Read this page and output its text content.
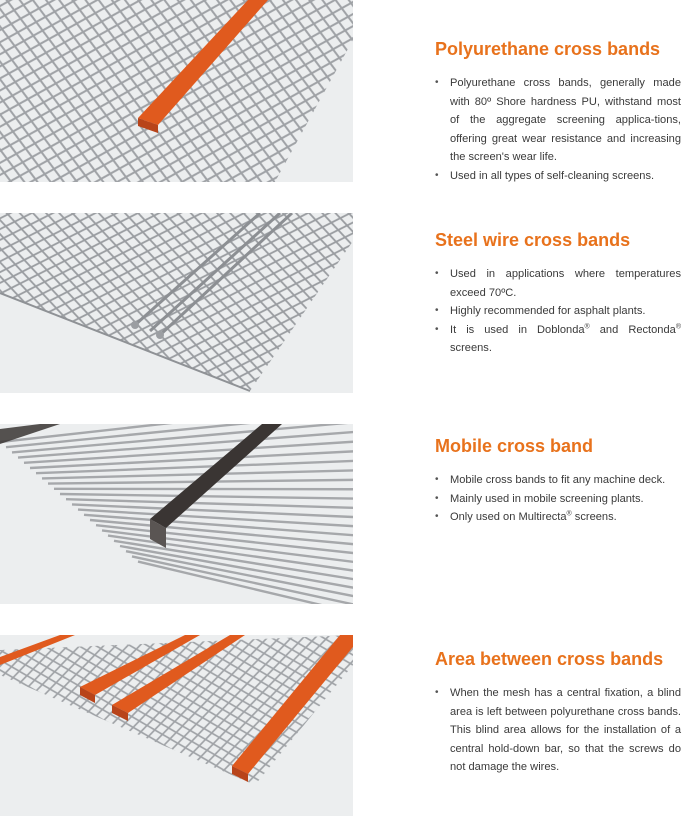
Polyurethane cross bands
• Polyurethane cross bands, generally made with 80º Shore hardness PU, withstand most of the aggregate screening applica-tions, offering great wear resistance and increasing the screen's wear life.
• Used in all types of self-cleaning screens.
Steel wire cross bands
• Used in applications where temperatures exceed 70ºC.
• Highly recommended for asphalt plants.
• It is used in Doblonda® and Rectonda® screens.
Mobile cross band
• Mobile cross bands to fit any machine deck.
• Mainly used in mobile screening plants.
• Only used on Multirecta® screens.
Area between cross bands
• When the mesh has a central fixation, a blind area is left between polyurethane cross bands. This blind area allows for the installation of a central hold-down bar, so that the screws do not damage the wires.
